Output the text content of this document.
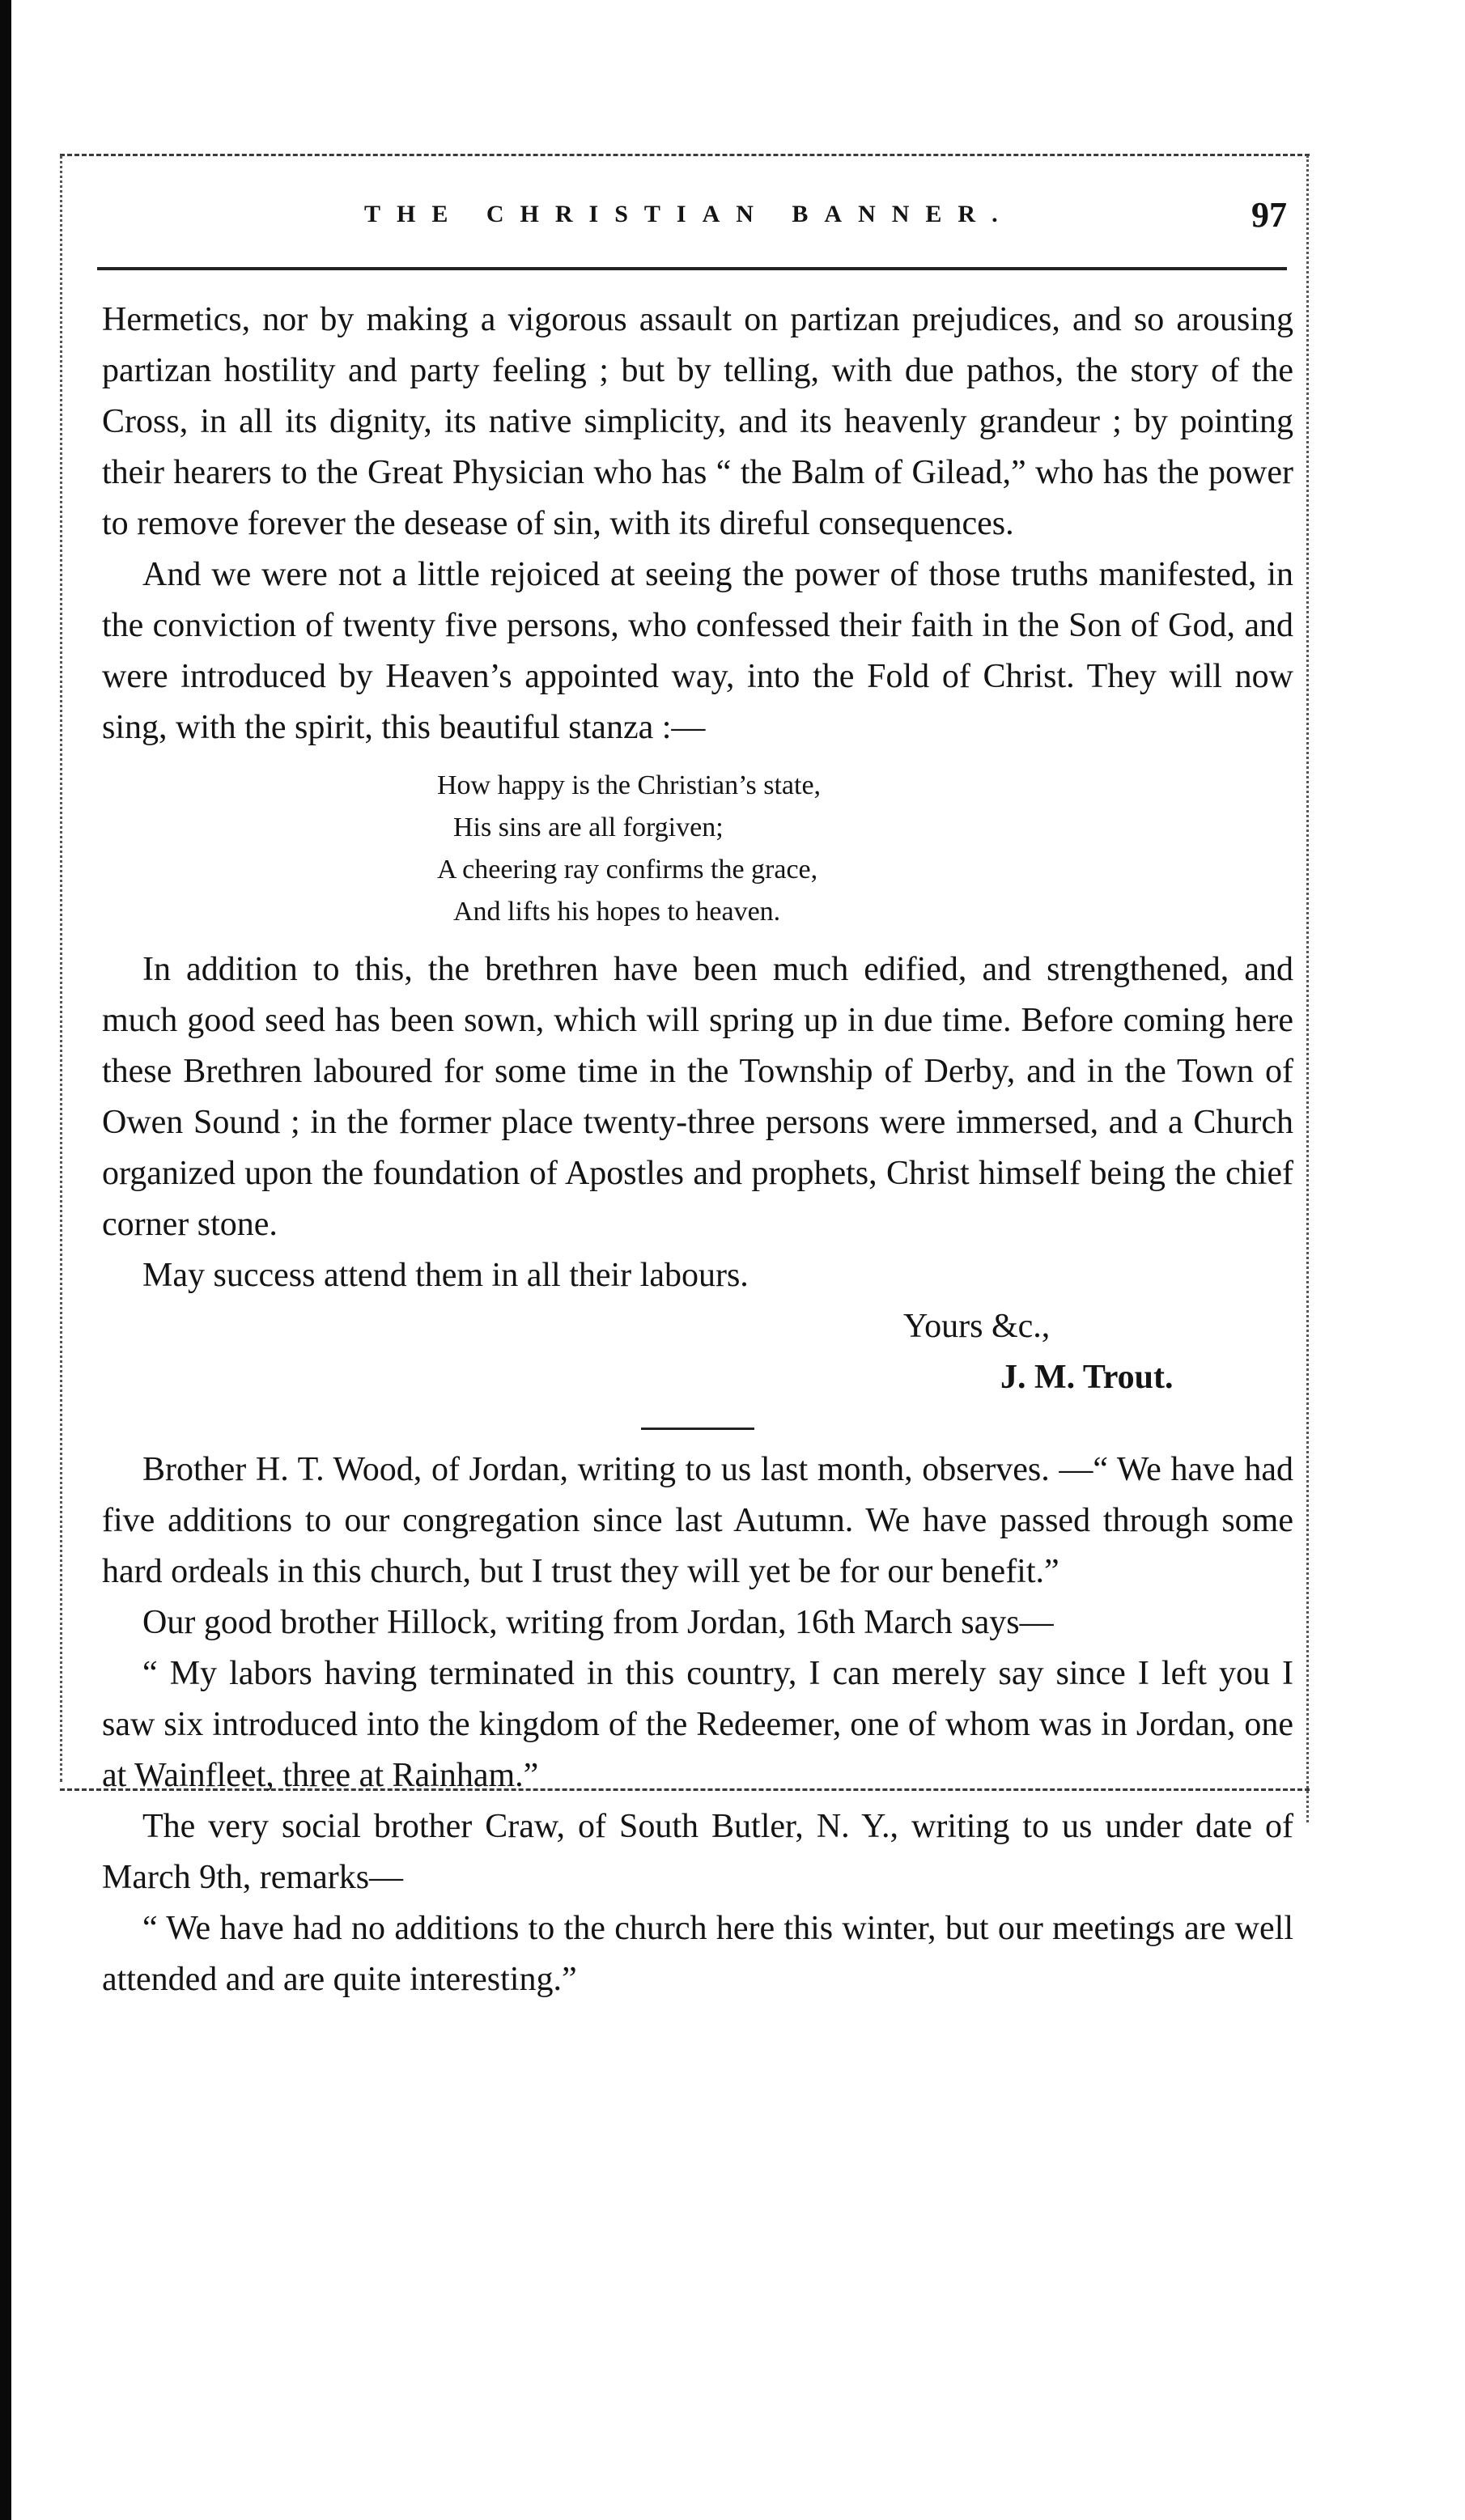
THE CHRISTIAN BANNER.	97

Hermetics, nor by making a vigorous assault on partizan prejudices, and so arousing partizan hostility and party feeling ; but by telling, with due pathos, the story of the Cross, in all its dignity, its native simplicity, and its heavenly grandeur ; by pointing their hearers to the Great Physician who has “ the Balm of Gilead,” who has the power to remove forever the desease of sin, with its direful consequences.

And we were not a little rejoiced at seeing the power of those truths manifested, in the conviction of twenty five persons, who confessed their faith in the Son of God, and were introduced by Heaven’s appointed way, into the Fold of Christ. They will now sing, with the spirit, this beautiful stanza :—

How happy is the Christian’s state,
His sins are all forgiven;
A cheering ray confirms the grace,
And lifts his hopes to heaven.

In addition to this, the brethren have been much edified, and strengthened, and much good seed has been sown, which will spring up in due time. Before coming here these Brethren laboured for some time in the Township of Derby, and in the Town of Owen Sound ; in the former place twenty-three persons were immersed, and a Church organized upon the foundation of Apostles and prophets, Christ himself being the chief corner stone.

May success attend them in all their labours.

Yours &c.,

J. M. Trout.

Brother H. T. Wood, of Jordan, writing to us last month, observes. —“ We have had five additions to our congregation since last Autumn. We have passed through some hard ordeals in this church, but I trust they will yet be for our benefit.”

Our good brother Hillock, writing from Jordan, 16th March says—

“ My labors having terminated in this country, I can merely say since I left you I saw six introduced into the kingdom of the Redeemer, one of whom was in Jordan, one at Wainfleet, three at Rainham.”

The very social brother Craw, of South Butler, N. Y., writing to us under date of March 9th, remarks—

“ We have had no additions to the church here this winter, but our meetings are well attended and are quite interesting.”
